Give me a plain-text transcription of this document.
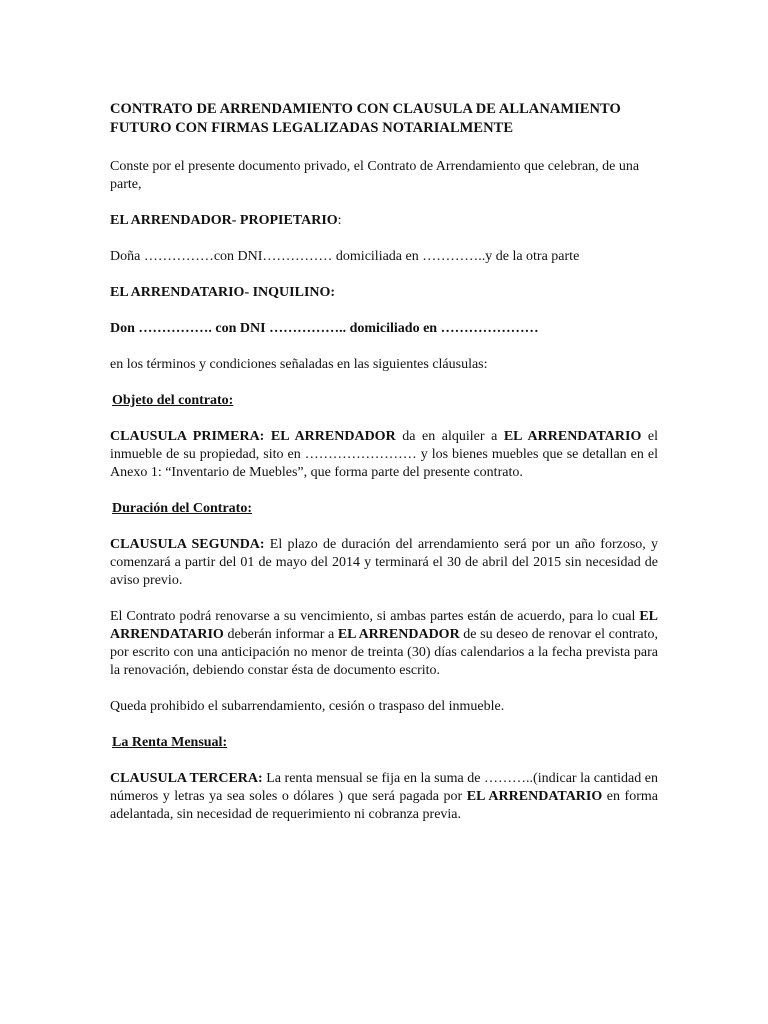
CONTRATO DE ARRENDAMIENTO CON CLAUSULA DE ALLANAMIENTO
FUTURO CON FIRMAS LEGALIZADAS NOTARIALMENTE

Conste por el presente documento privado, el Contrato de Arrendamiento que celebran, de una parte,

EL ARRENDADOR- PROPIETARIO:

Doña ……………con DNI…………… domiciliada en …………..y de la otra parte

EL ARRENDATARIO- INQUILINO:

Don ……………. con DNI …………….. domiciliado en …………………

en los términos y condiciones señaladas en las siguientes cláusulas:

Objeto del contrato:

CLAUSULA PRIMERA: EL ARRENDADOR da en alquiler a EL ARRENDATARIO el inmueble de su propiedad, sito en …………………… y los bienes muebles que se detallan en el Anexo 1: “Inventario de Muebles”, que forma parte del presente contrato.

Duración del Contrato:

CLAUSULA SEGUNDA: El plazo de duración del arrendamiento será por un año forzoso, y comenzará a partir del 01 de mayo del 2014 y terminará el 30 de abril del 2015 sin necesidad de aviso previo.

El Contrato podrá renovarse a su vencimiento, si ambas partes están de acuerdo, para lo cual EL ARRENDATARIO deberán informar a EL ARRENDADOR de su deseo de renovar el contrato, por escrito con una anticipación no menor de treinta (30) días calendarios a la fecha prevista para la renovación, debiendo constar ésta de documento escrito.

Queda prohibido el subarrendamiento, cesión o traspaso del inmueble.

La Renta Mensual:

CLAUSULA TERCERA: La renta mensual se fija en la suma de ………..(indicar la cantidad en números y letras ya sea soles o dólares ) que será pagada por EL ARRENDATARIO en forma adelantada, sin necesidad de requerimiento ni cobranza previa.
